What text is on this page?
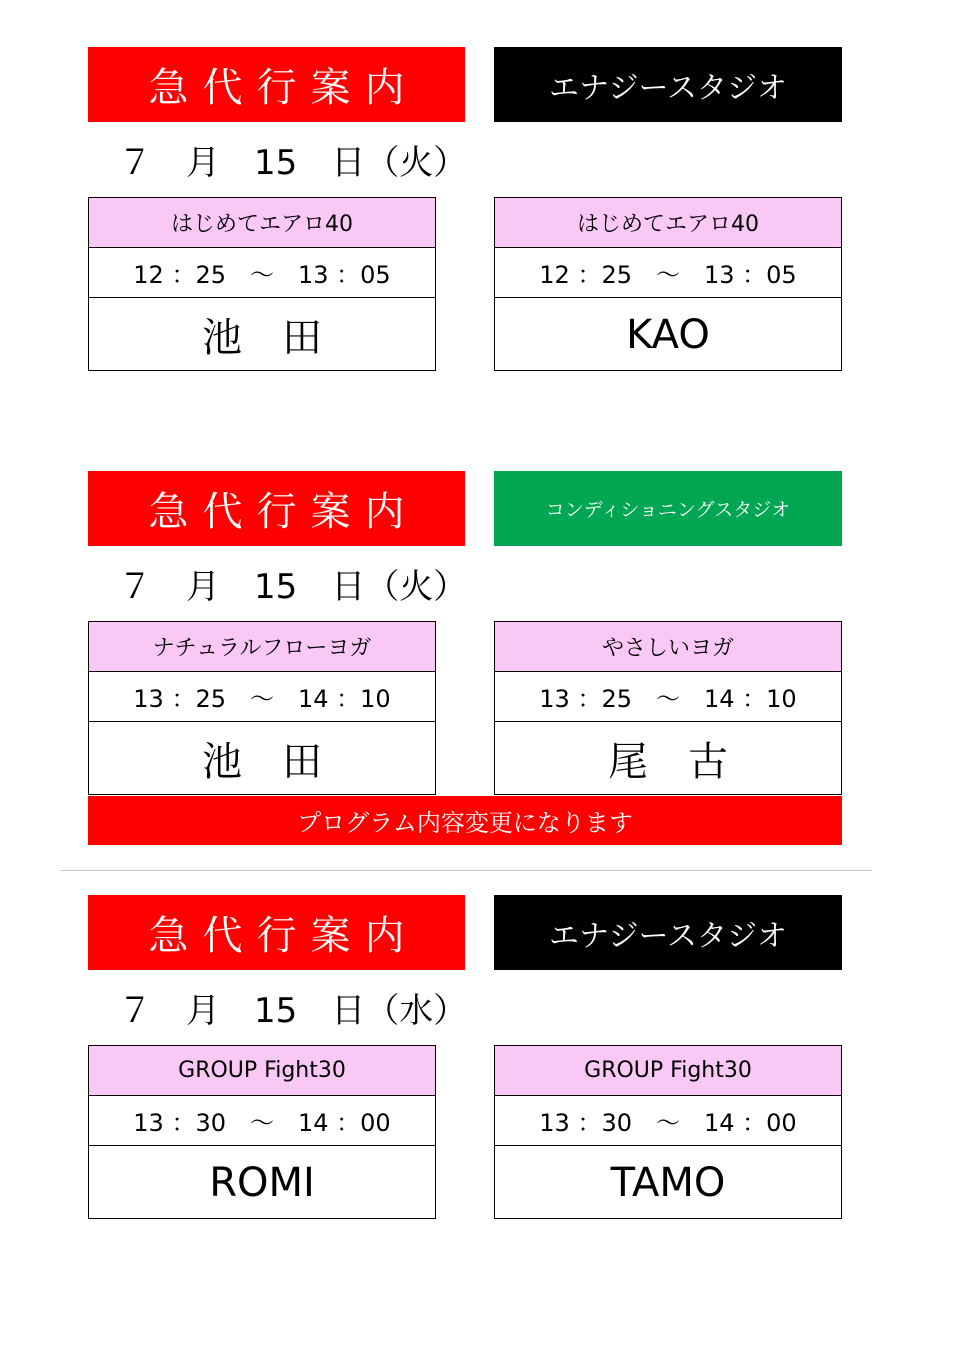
急代行案内	エナジースタジオ
７　月　15　日（火）
はじめてエアロ40
12 ：25　～　13 ：05
池　田
はじめてエアロ40
12 ：25　～　13 ：05
KAO
急代行案内	コンディショニングスタジオ
７　月　15　日（火）
ナチュラルフローヨガ
13 ：25　～　14 ：10
池　田
やさしいヨガ
13 ：25　～　14 ：10
尾　古
プログラム内容変更になります
急代行案内	エナジースタジオ
７　月　15　日（水）
GROUP Fight30
13 ：30　～　14 ：00
ROMI
GROUP Fight30
13 ：30　～　14 ：00
TAMO
